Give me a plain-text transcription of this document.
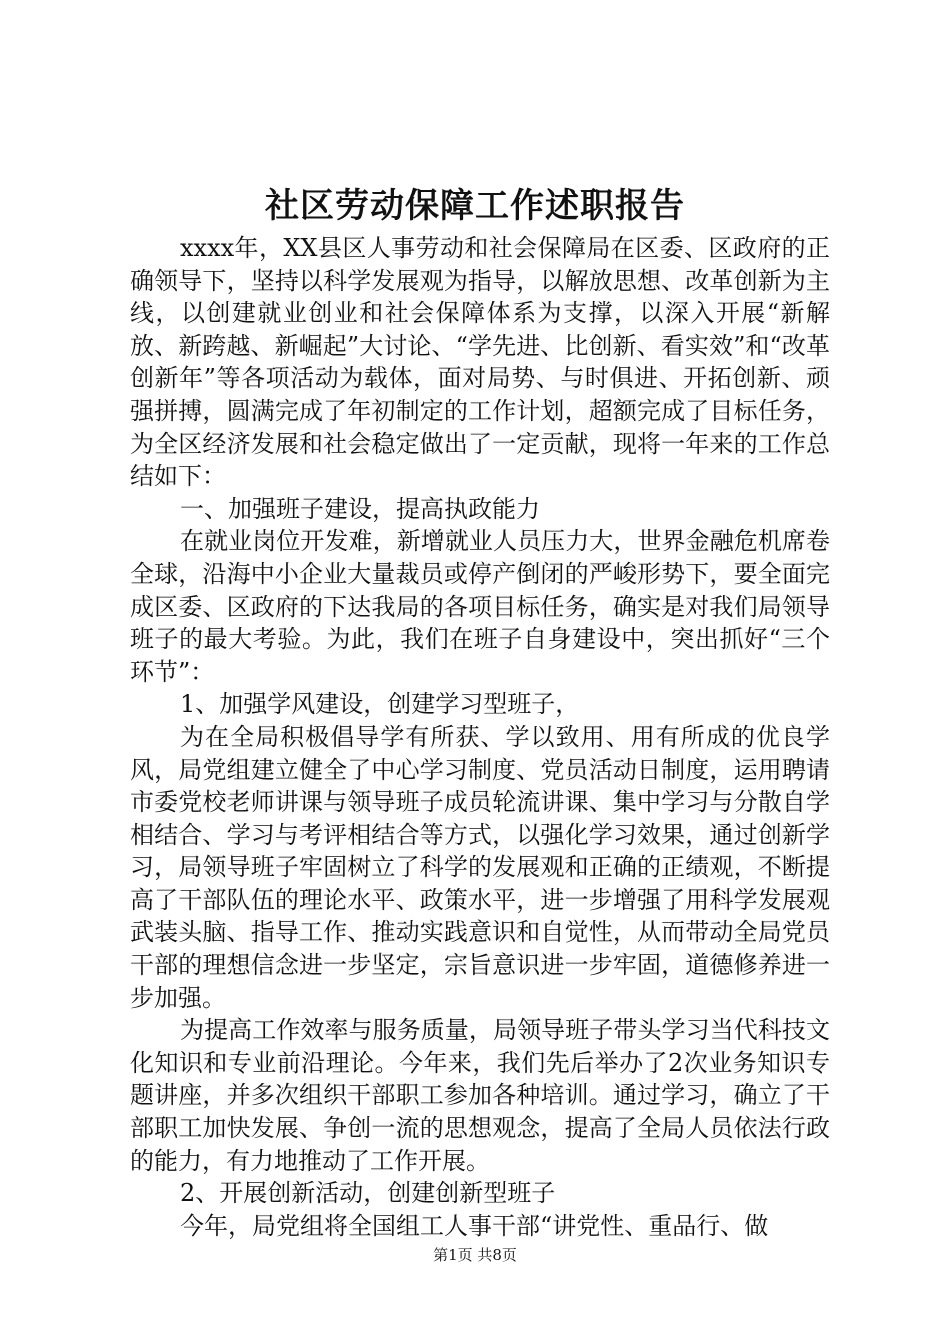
社区劳动保障工作述职报告

xxxx年，XX县区人事劳动和社会保障局在区委、区政府的正确领导下，坚持以科学发展观为指导，以解放思想、改革创新为主线，以创建就业创业和社会保障体系为支撑，以深入开展“新解放、新跨越、新崛起”大讨论、“学先进、比创新、看实效”和“改革创新年”等各项活动为载体，面对局势、与时俱进、开拓创新、顽强拼搏，圆满完成了年初制定的工作计划，超额完成了目标任务，为全区经济发展和社会稳定做出了一定贡献，现将一年来的工作总结如下：

一、加强班子建设，提高执政能力

在就业岗位开发难，新增就业人员压力大，世界金融危机席卷全球，沿海中小企业大量裁员或停产倒闭的严峻形势下，要全面完成区委、区政府的下达我局的各项目标任务，确实是对我们局领导班子的最大考验。为此，我们在班子自身建设中，突出抓好“三个环节”：

1、加强学风建设，创建学习型班子，

为在全局积极倡导学有所获、学以致用、用有所成的优良学风，局党组建立健全了中心学习制度、党员活动日制度，运用聘请市委党校老师讲课与领导班子成员轮流讲课、集中学习与分散自学相结合、学习与考评相结合等方式，以强化学习效果，通过创新学习，局领导班子牢固树立了科学的发展观和正确的正绩观，不断提高了干部队伍的理论水平、政策水平，进一步增强了用科学发展观武装头脑、指导工作、推动实践意识和自觉性，从而带动全局党员干部的理想信念进一步坚定，宗旨意识进一步牢固，道德修养进一步加强。

为提高工作效率与服务质量，局领导班子带头学习当代科技文化知识和专业前沿理论。今年来，我们先后举办了2次业务知识专题讲座，并多次组织干部职工参加各种培训。通过学习，确立了干部职工加快发展、争创一流的思想观念，提高了全局人员依法行政的能力，有力地推动了工作开展。

2、开展创新活动，创建创新型班子

今年，局党组将全国组工人事干部“讲党性、重品行、做

第1页 共8页
